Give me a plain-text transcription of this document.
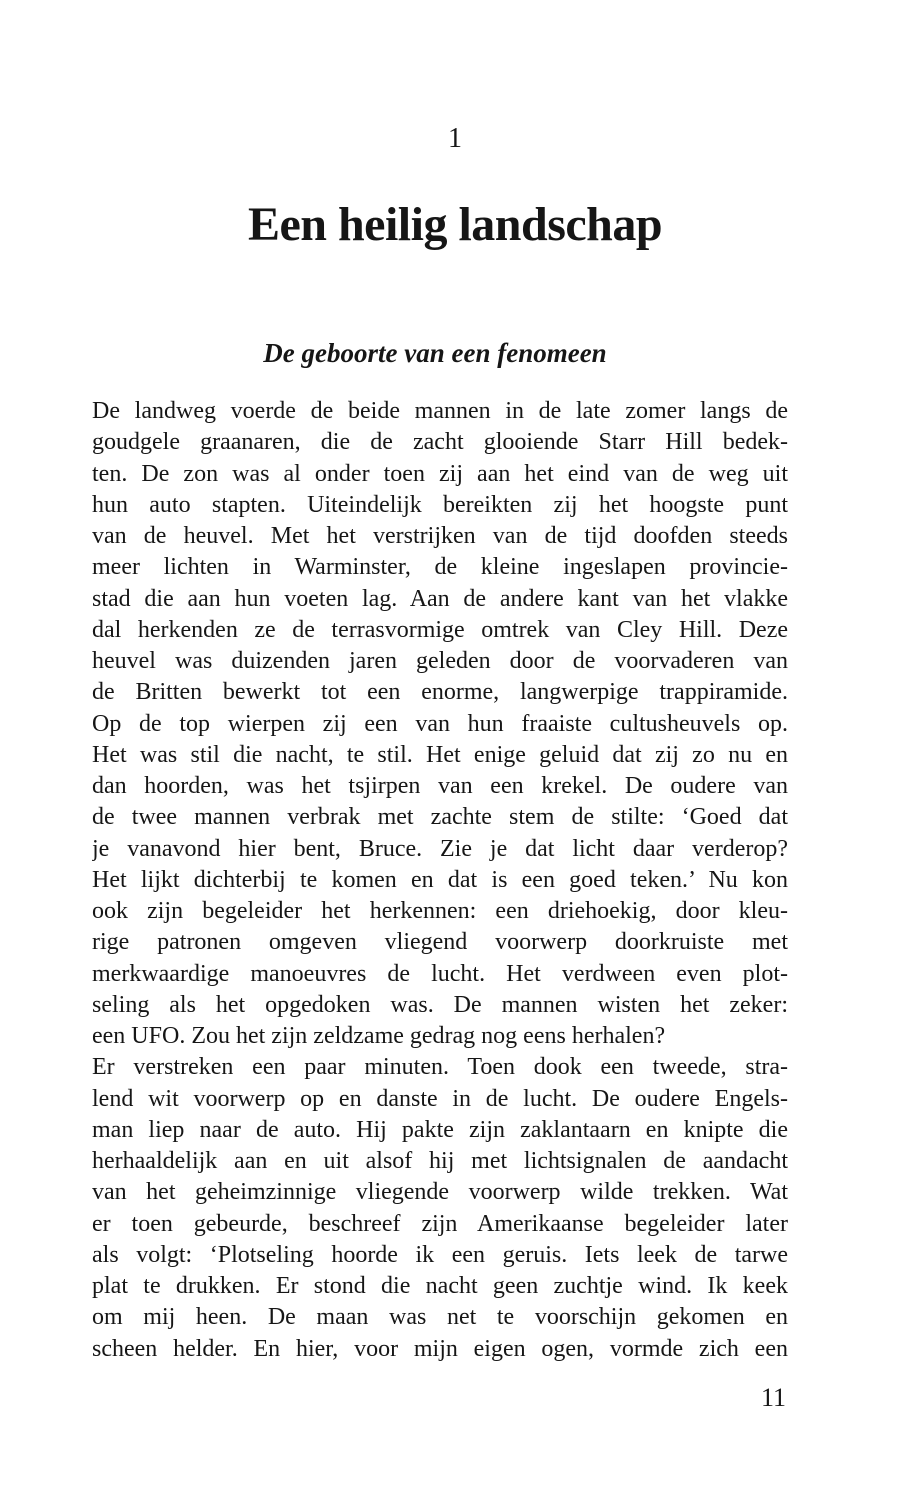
1
Een heilig landschap
De geboorte van een fenomeen
De landweg voerde de beide mannen in de late zomer langs de
goudgele graanaren, die de zacht glooiende Starr Hill bedek-
ten. De zon was al onder toen zij aan het eind van de weg uit
hun auto stapten. Uiteindelijk bereikten zij het hoogste punt
van de heuvel. Met het verstrijken van de tijd doofden steeds
meer lichten in Warminster, de kleine ingeslapen provincie-
stad die aan hun voeten lag. Aan de andere kant van het vlakke
dal herkenden ze de terrasvormige omtrek van Cley Hill. Deze
heuvel was duizenden jaren geleden door de voorvaderen van
de Britten bewerkt tot een enorme, langwerpige trappiramide.
Op de top wierpen zij een van hun fraaiste cultusheuvels op.
Het was stil die nacht, te stil. Het enige geluid dat zij zo nu en
dan hoorden, was het tsjirpen van een krekel. De oudere van
de twee mannen verbrak met zachte stem de stilte: ‘Goed dat
je vanavond hier bent, Bruce. Zie je dat licht daar verderop?
Het lijkt dichterbij te komen en dat is een goed teken.’ Nu kon
ook zijn begeleider het herkennen: een driehoekig, door kleu-
rige patronen omgeven vliegend voorwerp doorkruiste met
merkwaardige manoeuvres de lucht. Het verdween even plot-
seling als het opgedoken was. De mannen wisten het zeker:
een UFO. Zou het zijn zeldzame gedrag nog eens herhalen?
Er verstreken een paar minuten. Toen dook een tweede, stra-
lend wit voorwerp op en danste in de lucht. De oudere Engels-
man liep naar de auto. Hij pakte zijn zaklantaarn en knipte die
herhaaldelijk aan en uit alsof hij met lichtsignalen de aandacht
van het geheimzinnige vliegende voorwerp wilde trekken. Wat
er toen gebeurde, beschreef zijn Amerikaanse begeleider later
als volgt: ‘Plotseling hoorde ik een geruis. Iets leek de tarwe
plat te drukken. Er stond die nacht geen zuchtje wind. Ik keek
om mij heen. De maan was net te voorschijn gekomen en
scheen helder. En hier, voor mijn eigen ogen, vormde zich een
11
